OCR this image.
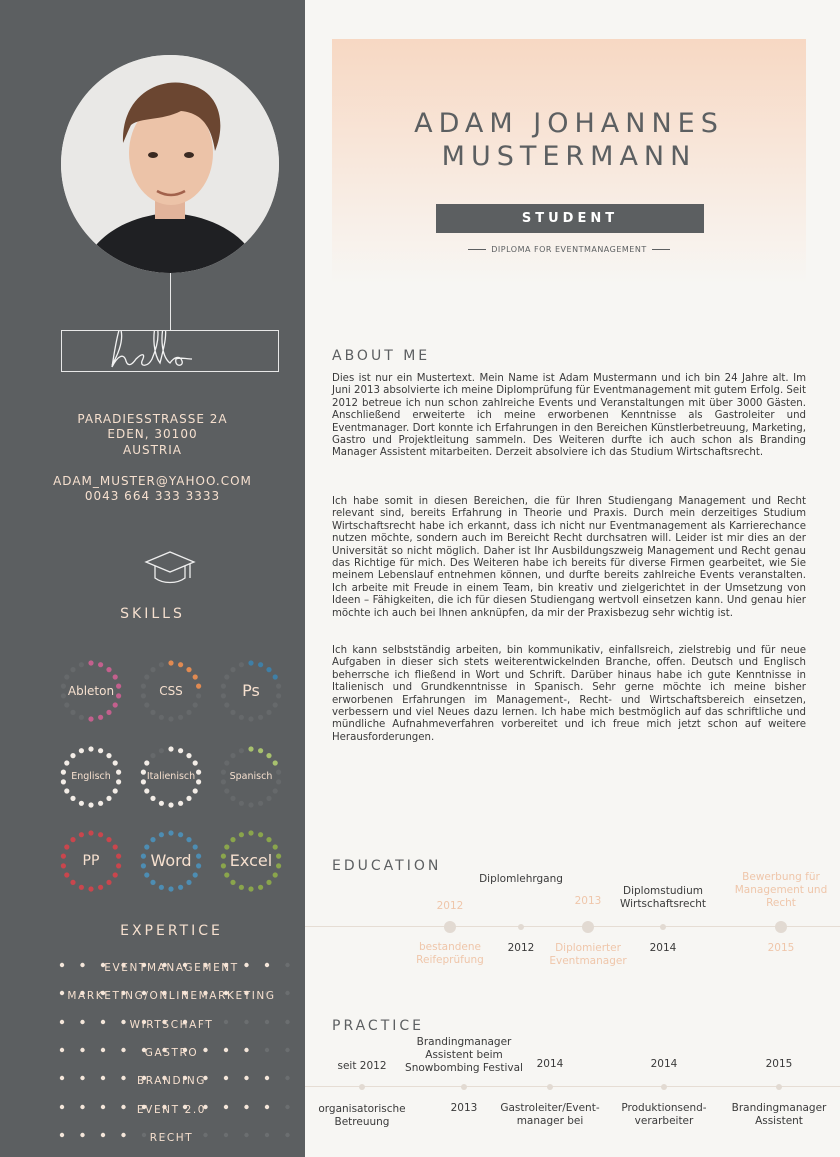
PARADIESSTRASSE 2A
EDEN, 30100
AUSTRIA
ADAM_MUSTER@YAHOO.COM
0043 664 333 3333
SKILLS
Ableton	CSS	Ps
Englisch	Italienisch	Spanisch
PP	Word	Excel
EXPERTICE
EVENTMANAGEMENT
MARKETING/ONLINEMARKETING
WIRTSCHAFT
GASTRO
BRANDING
EVENT 2.0
RECHT
ADAM JOHANNES
MUSTERMANN
STUDENT
DIPLOMA FOR EVENTMANAGEMENT
ABOUT ME
Dies ist nur ein Mustertext. Mein Name ist Adam Mustermann und ich bin 24 Jahre alt. Im Juni 2013 absolvierte ich meine Diplomprüfung für Eventmanagement mit gutem Erfolg. Seit 2012 betreue ich nun schon zahlreiche Events und Veranstaltungen mit über 3000 Gästen. Anschließend erweiterte ich meine erworbenen Kenntnisse als Gastroleiter und Eventmanager. Dort konnte ich Erfahrungen in den Bereichen Künstlerbetreuung, Marketing, Gastro und Projektleitung sammeln. Des Weiteren durfte ich auch schon als Branding Manager Assistent mitarbeiten. Derzeit absolviere ich das Studium Wirtschaftsrecht.
Ich habe somit in diesen Bereichen, die für Ihren Studiengang Management und Recht relevant sind, bereits Erfahrung in Theorie und Praxis. Durch mein derzeitiges Studium Wirtschaftsrecht habe ich erkannt, dass ich nicht nur Eventmanagement als Karrierechance nutzen möchte, sondern auch im Bereicht Recht durchsatren will. Leider ist mir dies an der Universität so nicht möglich. Daher ist Ihr Ausbildungszweig Management und Recht genau das Richtige für mich. Des Weiteren habe ich bereits für diverse Firmen gearbeitet, wie Sie meinem Lebenslauf entnehmen können, und durfte bereits zahlreiche Events veranstalten. Ich arbeite mit Freude in einem Team, bin kreativ und zielgerichtet in der Umsetzung von Ideen – Fähigkeiten, die ich für diesen Studiengang wertvoll einsetzen kann. Und genau hier möchte ich auch bei Ihnen anknüpfen, da mir der Praxisbezug sehr wichtig ist.
Ich kann selbstständig arbeiten, bin kommunikativ, einfallsreich, zielstrebig und für neue Aufgaben in dieser sich stets weiterentwickelnden Branche, offen. Deutsch und Englisch beherrsche ich fließend in Wort und Schrift. Darüber hinaus habe ich gute Kenntnisse in Italienisch und Grundkenntnisse in Spanisch. Sehr gerne möchte ich meine bisher erworbenen Erfahrungen im Management-, Recht- und Wirtschaftsbereich einsetzen, verbessern und viel Neues dazu lernen. Ich habe mich bestmöglich auf das schriftliche und mündliche Aufnahmeverfahren vorbereitet und ich freue mich jetzt schon auf weitere Herausforderungen.
EDUCATION
2012
bestandene
Reifeprüfung
2012
Diplomlehrgang
2013
Diplomierter
Eventmanager
2014
Diplomstudium
Wirtschaftsrecht
2015
Bewerbung für
Management und
Recht
PRACTICE
seit 2012
organisatorische
Betreuung
2013
Brandingmanager
Assistent beim
Snowbombing Festival	2014
Gastroleiter/Event-
manager bei
2014
Produktionsend-
verarbeiter
2015
Brandingmanager
Assistent
